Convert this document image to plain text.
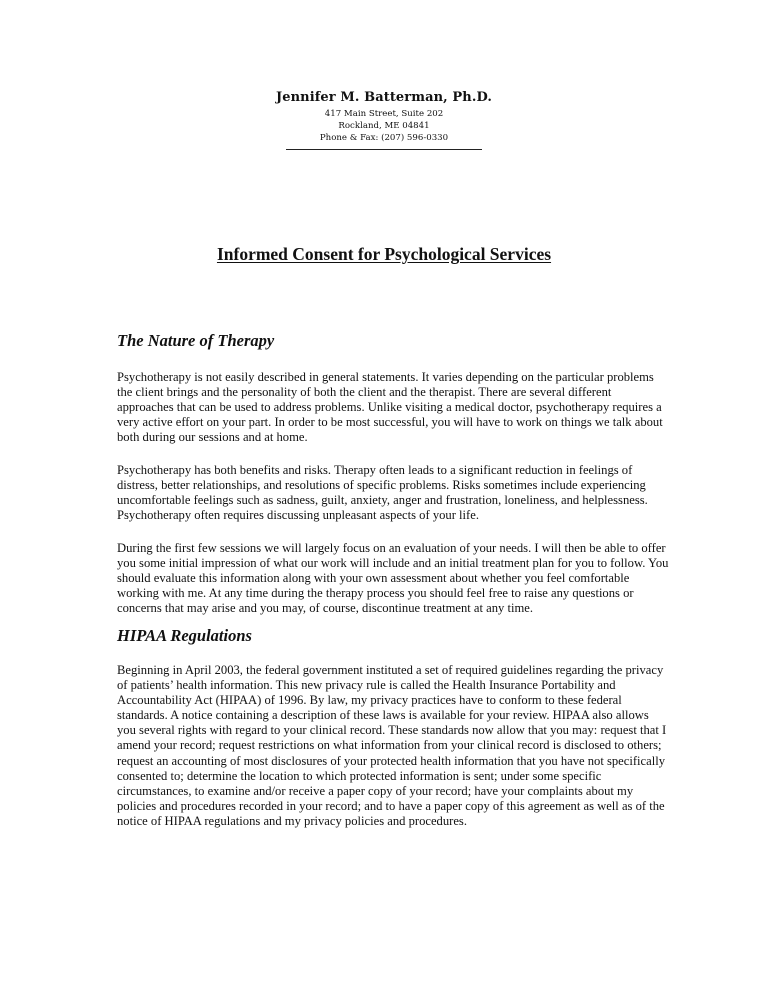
Jennifer M. Batterman, Ph.D.
417 Main Street, Suite 202
Rockland, ME 04841
Phone & Fax: (207) 596-0330
Informed Consent for Psychological Services
The Nature of Therapy

Psychotherapy is not easily described in general statements. It varies depending on the particular problems the client brings and the personality of both the client and the therapist. There are several different approaches that can be used to address problems. Unlike visiting a medical doctor, psychotherapy requires a very active effort on your part. In order to be most successful, you will have to work on things we talk about both during our sessions and at home.

Psychotherapy has both benefits and risks. Therapy often leads to a significant reduction in feelings of distress, better relationships, and resolutions of specific problems. Risks sometimes include experiencing uncomfortable feelings such as sadness, guilt, anxiety, anger and frustration, loneliness, and helplessness. Psychotherapy often requires discussing unpleasant aspects of your life.

During the first few sessions we will largely focus on an evaluation of your needs. I will then be able to offer you some initial impression of what our work will include and an initial treatment plan for you to follow. You should evaluate this information along with your own assessment about whether you feel comfortable working with me. At any time during the therapy process you should feel free to raise any questions or concerns that may arise and you may, of course, discontinue treatment at any time.

HIPAA Regulations

Beginning in April 2003, the federal government instituted a set of required guidelines regarding the privacy of patients’ health information. This new privacy rule is called the Health Insurance Portability and Accountability Act (HIPAA) of 1996. By law, my privacy practices have to conform to these federal standards. A notice containing a description of these laws is available for your review. HIPAA also allows you several rights with regard to your clinical record. These standards now allow that you may: request that I amend your record; request restrictions on what information from your clinical record is disclosed to others; request an accounting of most disclosures of your protected health information that you have not specifically consented to; determine the location to which protected information is sent; under some specific circumstances, to examine and/or receive a paper copy of your record; have your complaints about my policies and procedures recorded in your record; and to have a paper copy of this agreement as well as of the notice of HIPAA regulations and my privacy policies and procedures.
